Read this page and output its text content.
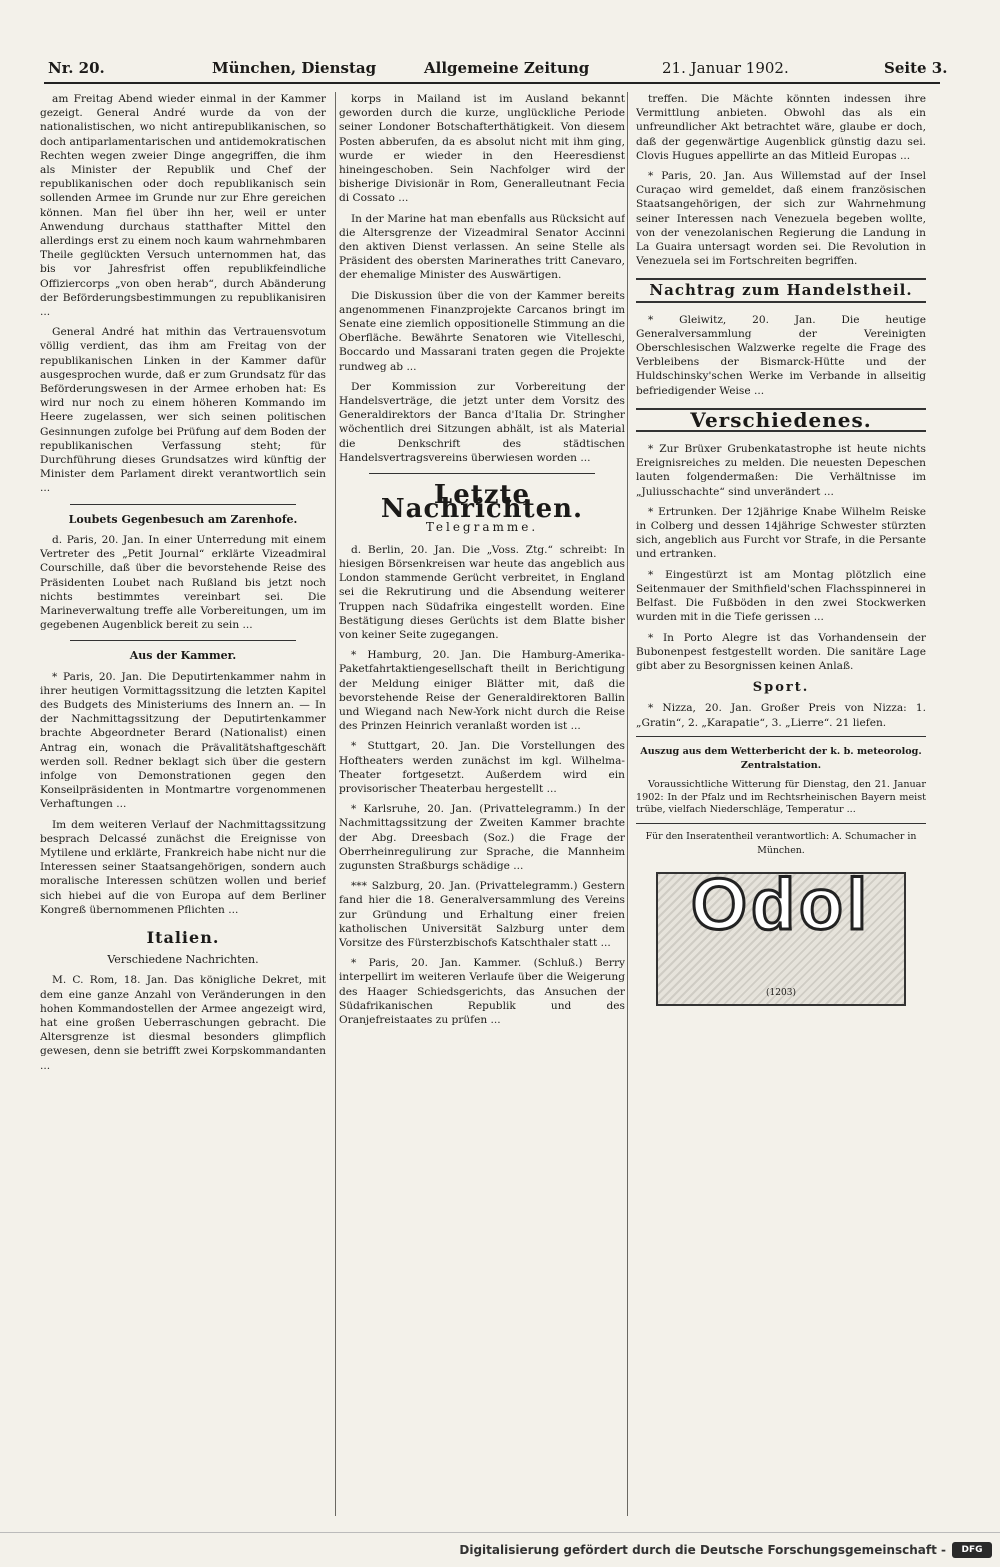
Nr. 20.	München, Dienstag	Allgemeine Zeitung	21. Januar 1902.	Seite 3.

am Freitag Abend wieder einmal in der Kammer gezeigt. General André wurde da von der nationalistischen, wo nicht antirepublikanischen, so doch antiparlamentarischen und antidemokratischen Rechten wegen zweier Dinge angegriffen, die ihm als Minister der Republik und Chef der republikanischen oder doch republikanisch sein sollenden Armee im Grunde nur zur Ehre gereichen können. Man fiel über ihn her, weil er unter Anwendung durchaus statthafter Mittel den allerdings erst zu einem noch kaum wahrnehmbaren Theile geglückten Versuch unternommen hat, das bis vor Jahresfrist offen republikfeindliche Offiziercorps „von oben herab“, durch Abänderung der Beförderungsbestimmungen zu republikanisiren ...

General André hat mithin das Vertrauensvotum völlig verdient, das ihm am Freitag von der republikanischen Linken in der Kammer dafür ausgesprochen wurde, daß er zum Grundsatz für das Beförderungswesen in der Armee erhoben hat: Es wird nur noch zu einem höheren Kommando im Heere zugelassen, wer sich seinen politischen Gesinnungen zufolge bei Prüfung auf dem Boden der republikanischen Verfassung steht; für Durchführung dieses Grundsatzes wird künftig der Minister dem Parlament direkt verantwortlich sein ...

Loubets Gegenbesuch am Zarenhofe.

d. Paris, 20. Jan. In einer Unterredung mit einem Vertreter des „Petit Journal“ erklärte Vizeadmiral Courschille, daß über die bevorstehende Reise des Präsidenten Loubet nach Rußland bis jetzt noch nichts bestimmtes vereinbart sei. Die Marineverwaltung treffe alle Vorbereitungen, um im gegebenen Augenblick bereit zu sein ...

Aus der Kammer.

* Paris, 20. Jan. Die Deputirtenkammer nahm in ihrer heutigen Vormittagssitzung die letzten Kapitel des Budgets des Ministeriums des Innern an. — In der Nachmittagssitzung der Deputirtenkammer brachte Abgeordneter Berard (Nationalist) einen Antrag ein, wonach die Prävalitätshaftgeschäft werden soll. Redner beklagt sich über die gestern infolge von Demonstrationen gegen den Konseilpräsidenten in Montmartre vorgenommenen Verhaftungen ...

Im dem weiteren Verlauf der Nachmittagssitzung besprach Delcassé zunächst die Ereignisse von Mytilene und erklärte, Frankreich habe nicht nur die Interessen seiner Staatsangehörigen, sondern auch moralische Interessen schützen wollen und berief sich hiebei auf die von Europa auf dem Berliner Kongreß übernommenen Pflichten ...

Italien.
Verschiedene Nachrichten.

M. C. Rom, 18. Jan. Das königliche Dekret, mit dem eine ganze Anzahl von Veränderungen in den hohen Kommandostellen der Armee angezeigt wird, hat eine großen Ueberraschungen gebracht. Die Altersgrenze ist diesmal besonders glimpflich gewesen, denn sie betrifft zwei Korpskommandanten ...

korps in Mailand ist im Ausland bekannt geworden durch die kurze, unglückliche Periode seiner Londoner Botschafterthätigkeit. Von diesem Posten abberufen, da es absolut nicht mit ihm ging, wurde er wieder in den Heeresdienst hineingeschoben. Sein Nachfolger wird der bisherige Divisionär in Rom, Generalleutnant Fecia di Cossato ...

In der Marine hat man ebenfalls aus Rücksicht auf die Altersgrenze der Vizeadmiral Senator Accinni den aktiven Dienst verlassen. An seine Stelle als Präsident des obersten Marinerathes tritt Canevaro, der ehemalige Minister des Auswärtigen.

Die Diskussion über die von der Kammer bereits angenommenen Finanzprojekte Carcanos bringt im Senate eine ziemlich oppositionelle Stimmung an die Oberfläche. Bewährte Senatoren wie Vitelleschi, Boccardo und Massarani traten gegen die Projekte rundweg ab ...

Der Kommission zur Vorbereitung der Handelsverträge, die jetzt unter dem Vorsitz des Generaldirektors der Banca d'Italia Dr. Stringher wöchentlich drei Sitzungen abhält, ist als Material die Denkschrift des städtischen Handelsvertragsvereins überwiesen worden ...

Letzte Nachrichten.
Telegramme.

d. Berlin, 20. Jan. Die „Voss. Ztg.“ schreibt: In hiesigen Börsenkreisen war heute das angeblich aus London stammende Gerücht verbreitet, in England sei die Rekrutirung und die Absendung weiterer Truppen nach Südafrika eingestellt worden. Eine Bestätigung dieses Gerüchts ist dem Blatte bisher von keiner Seite zugegangen.

* Hamburg, 20. Jan. Die Hamburg-Amerika-Paketfahrtaktiengesellschaft theilt in Berichtigung der Meldung einiger Blätter mit, daß die bevorstehende Reise der Generaldirektoren Ballin und Wiegand nach New-York nicht durch die Reise des Prinzen Heinrich veranlaßt worden ist ...

* Stuttgart, 20. Jan. Die Vorstellungen des Hoftheaters werden zunächst im kgl. Wilhelma-Theater fortgesetzt. Außerdem wird ein provisorischer Theaterbau hergestellt ...

* Karlsruhe, 20. Jan. (Privattelegramm.) In der Nachmittagssitzung der Zweiten Kammer brachte der Abg. Dreesbach (Soz.) die Frage der Oberrheinregulirung zur Sprache, die Mannheim zugunsten Straßburgs schädige ...

*** Salzburg, 20. Jan. (Privattelegramm.) Gestern fand hier die 18. Generalversammlung des Vereins zur Gründung und Erhaltung einer freien katholischen Universität Salzburg unter dem Vorsitze des Fürsterzbischofs Katschthaler statt ...

* Paris, 20. Jan. Kammer. (Schluß.) Berry interpellirt im weiteren Verlaufe über die Weigerung des Haager Schiedsgerichts, das Ansuchen der Südafrikanischen Republik und des Oranjefreistaates zu prüfen ...

treffen. Die Mächte könnten indessen ihre Vermittlung anbieten. Obwohl das als ein unfreundlicher Akt betrachtet wäre, glaube er doch, daß der gegenwärtige Augenblick günstig dazu sei. Clovis Hugues appellirte an das Mitleid Europas ...

* Paris, 20. Jan. Aus Willemstad auf der Insel Curaçao wird gemeldet, daß einem französischen Staatsangehörigen, der sich zur Wahrnehmung seiner Interessen nach Venezuela begeben wollte, von der venezolanischen Regierung die Landung in La Guaira untersagt worden sei. Die Revolution in Venezuela sei im Fortschreiten begriffen.

Nachtrag zum Handelstheil.

* Gleiwitz, 20. Jan. Die heutige Generalversammlung der Vereinigten Oberschlesischen Walzwerke regelte die Frage des Verbleibens der Bismarck-Hütte und der Huldschinsky'schen Werke im Verbande in allseitig befriedigender Weise ...

Verschiedenes.

* Zur Brüxer Grubenkatastrophe ist heute nichts Ereignisreiches zu melden. Die neuesten Depeschen lauten folgendermaßen: Die Verhältnisse im „Juliusschachte“ sind unverändert ...

* Ertrunken. Der 12jährige Knabe Wilhelm Reiske in Colberg und dessen 14jährige Schwester stürzten sich, angeblich aus Furcht vor Strafe, in die Persante und ertranken.

* Eingestürzt ist am Montag plötzlich eine Seitenmauer der Smithfield'schen Flachsspinnerei in Belfast. Die Fußböden in den zwei Stockwerken wurden mit in die Tiefe gerissen ...

* In Porto Alegre ist das Vorhandensein der Bubonenpest festgestellt worden. Die sanitäre Lage gibt aber zu Besorgnissen keinen Anlaß.

Sport.

* Nizza, 20. Jan. Großer Preis von Nizza: 1. „Gratin“, 2. „Karapatie“, 3. „Lierre“. 21 liefen.

Auszug aus dem Wetterbericht der k. b. meteorolog. Zentralstation.

Voraussichtliche Witterung für Dienstag, den 21. Januar 1902: In der Pfalz und im Rechtsrheinischen Bayern meist trübe, vielfach Niederschläge, Temperatur ...

Für den Inseratentheil verantwortlich: A. Schumacher in München.
Odol
(1203)
Digitalisierung gefördert durch die Deutsche Forschungsgemeinschaft -	DFG
